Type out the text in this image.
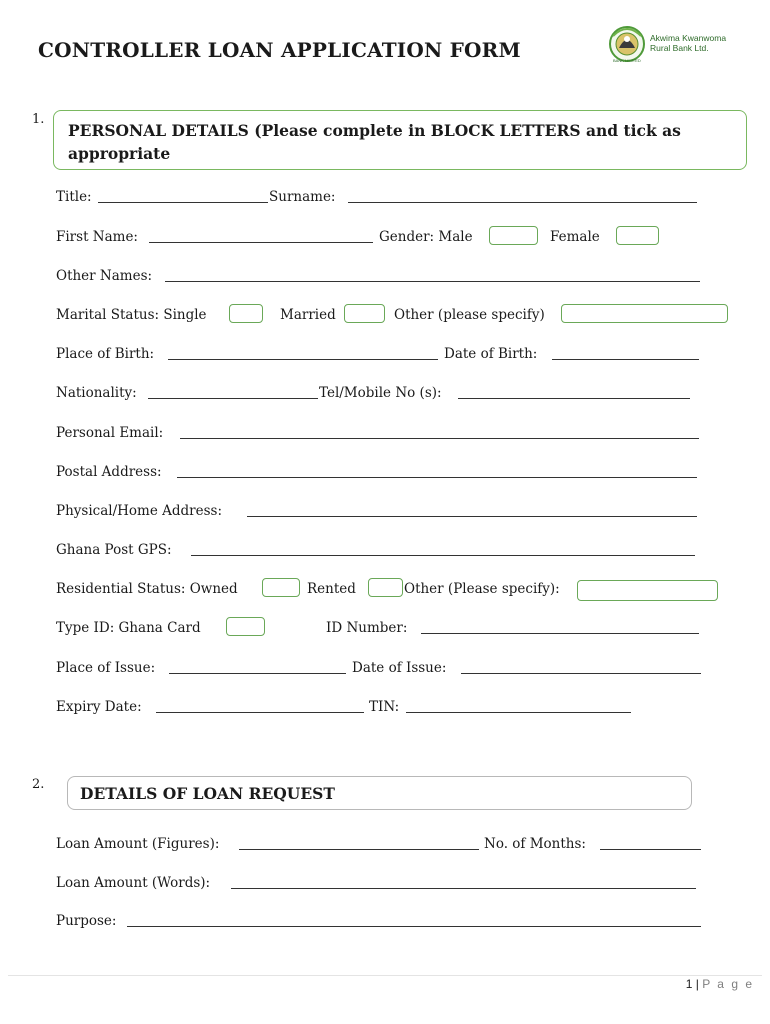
CONTROLLER LOAN APPLICATION FORM	Akwima Kwanwoma
Rural Bank Ltd.
BANK LIMITED
1.
PERSONAL DETAILS (Please complete in BLOCK LETTERS and tick as appropriate
Title:	Surname:
First Name:	Gender: Male	Female
Other Names:
Marital Status: Single	Married	Other (please specify)
Place of Birth:	Date of Birth:
Nationality:	Tel/Mobile No (s):
Personal Email:
Postal Address:
Physical/Home Address:
Ghana Post GPS:
Residential Status: Owned	Rented	Other (Please specify):
Type ID: Ghana Card	ID Number:
Place of Issue:	Date of Issue:
Expiry Date:	TIN:
2. DETAILS OF LOAN REQUEST
Loan Amount (Figures):	No. of Months:
Loan Amount (Words):
Purpose:
1 | P a g e
